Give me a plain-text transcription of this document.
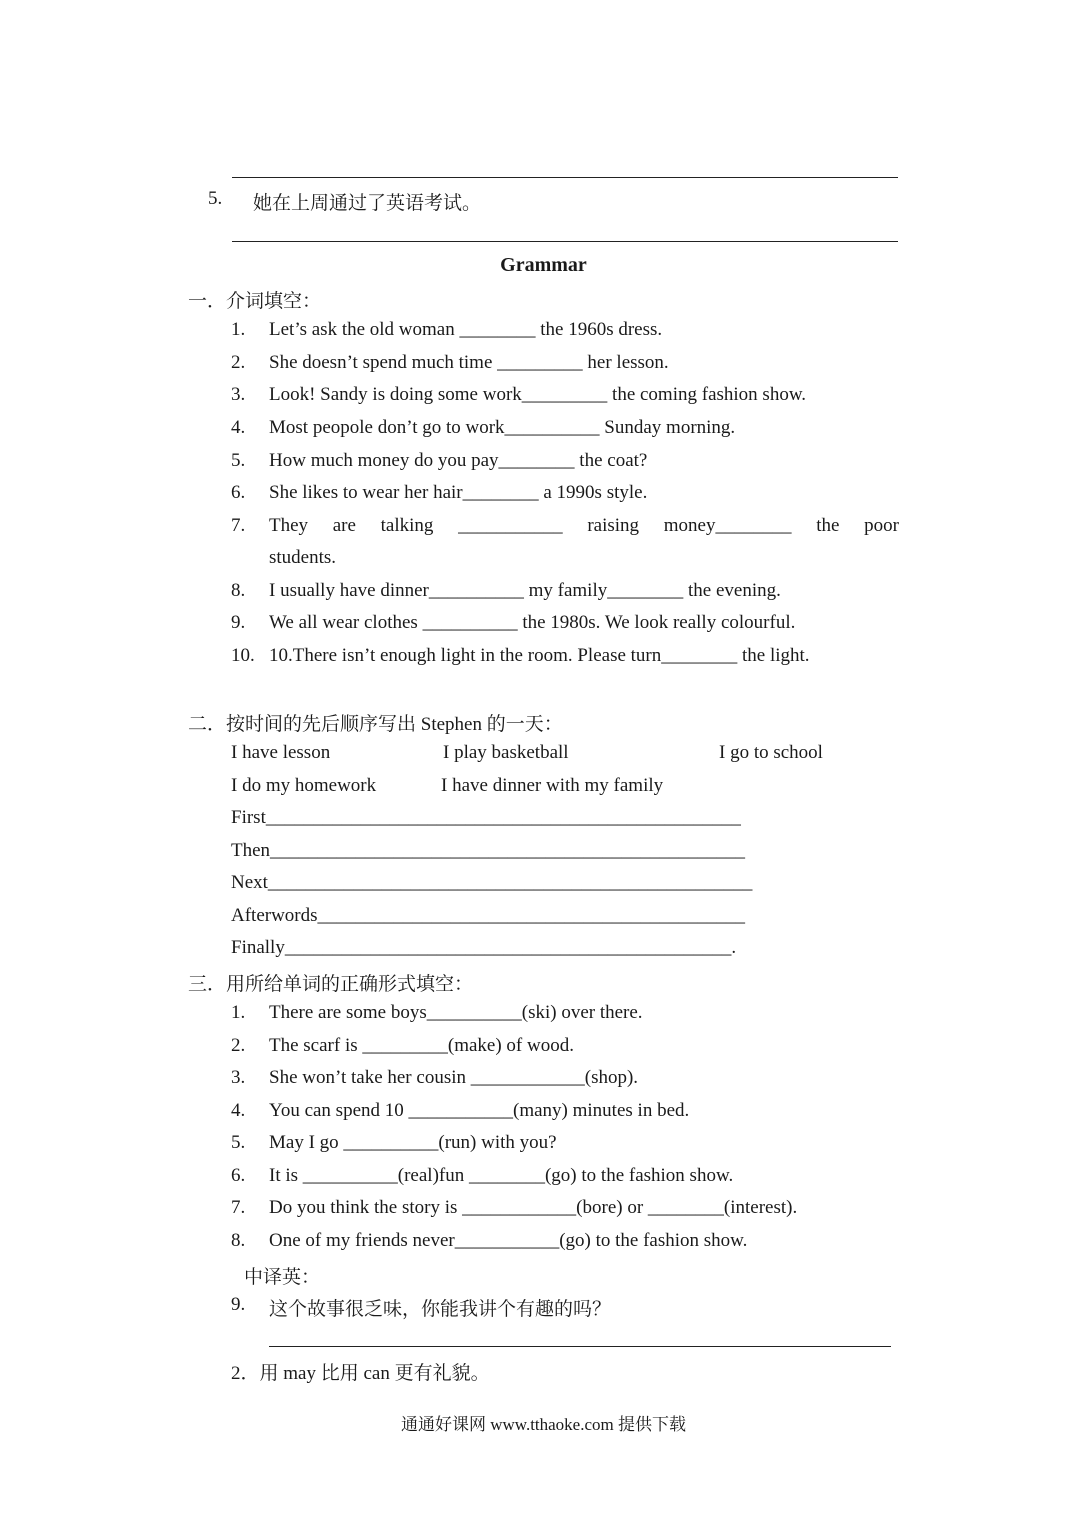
5. 她在上周通过了英语考试。
Grammar
一．介词填空：
1. Let’s ask the old woman ________ the 1960s dress.
2. She doesn’t spend much time _________ her lesson.
3. Look! Sandy is doing some work_________ the coming fashion show.
4. Most peopole don’t go to work__________ Sunday morning.
5. How much money do you pay________ the coat?
6. She likes to wear her hair________ a 1990s style.
7. They are talking ___________ raising money________ the poor
students.
8. I usually have dinner__________ my family________ the evening.
9. We all wear clothes __________ the 1980s. We look really colourful.
10. 10.There isn’t enough light in the room. Please turn________ the light.
二．按时间的先后顺序写出 Stephen 的一天：
I have lesson	I play basketball	I go to school
I do my homework	I have dinner with my family
First__________________________________________________
Then__________________________________________________
Next___________________________________________________
Afterwords_____________________________________________
Finally_______________________________________________.
三．用所给单词的正确形式填空：
1. There are some boys__________(ski) over there.
2. The scarf is _________(make) of wood.
3. She won’t take her cousin ____________(shop).
4. You can spend 10 ___________(many) minutes in bed.
5. May I go __________(run) with you?
6. It is __________(real)fun ________(go) to the fashion show.
7. Do you think the story is ____________(bore) or ________(interest).
8. One of my friends never___________(go) to the fashion show.
中译英：
9. 这个故事很乏味，你能我讲个有趣的吗？
2．用 may 比用 can 更有礼貌。
通通好课网 www.tthaoke.com 提供下载
